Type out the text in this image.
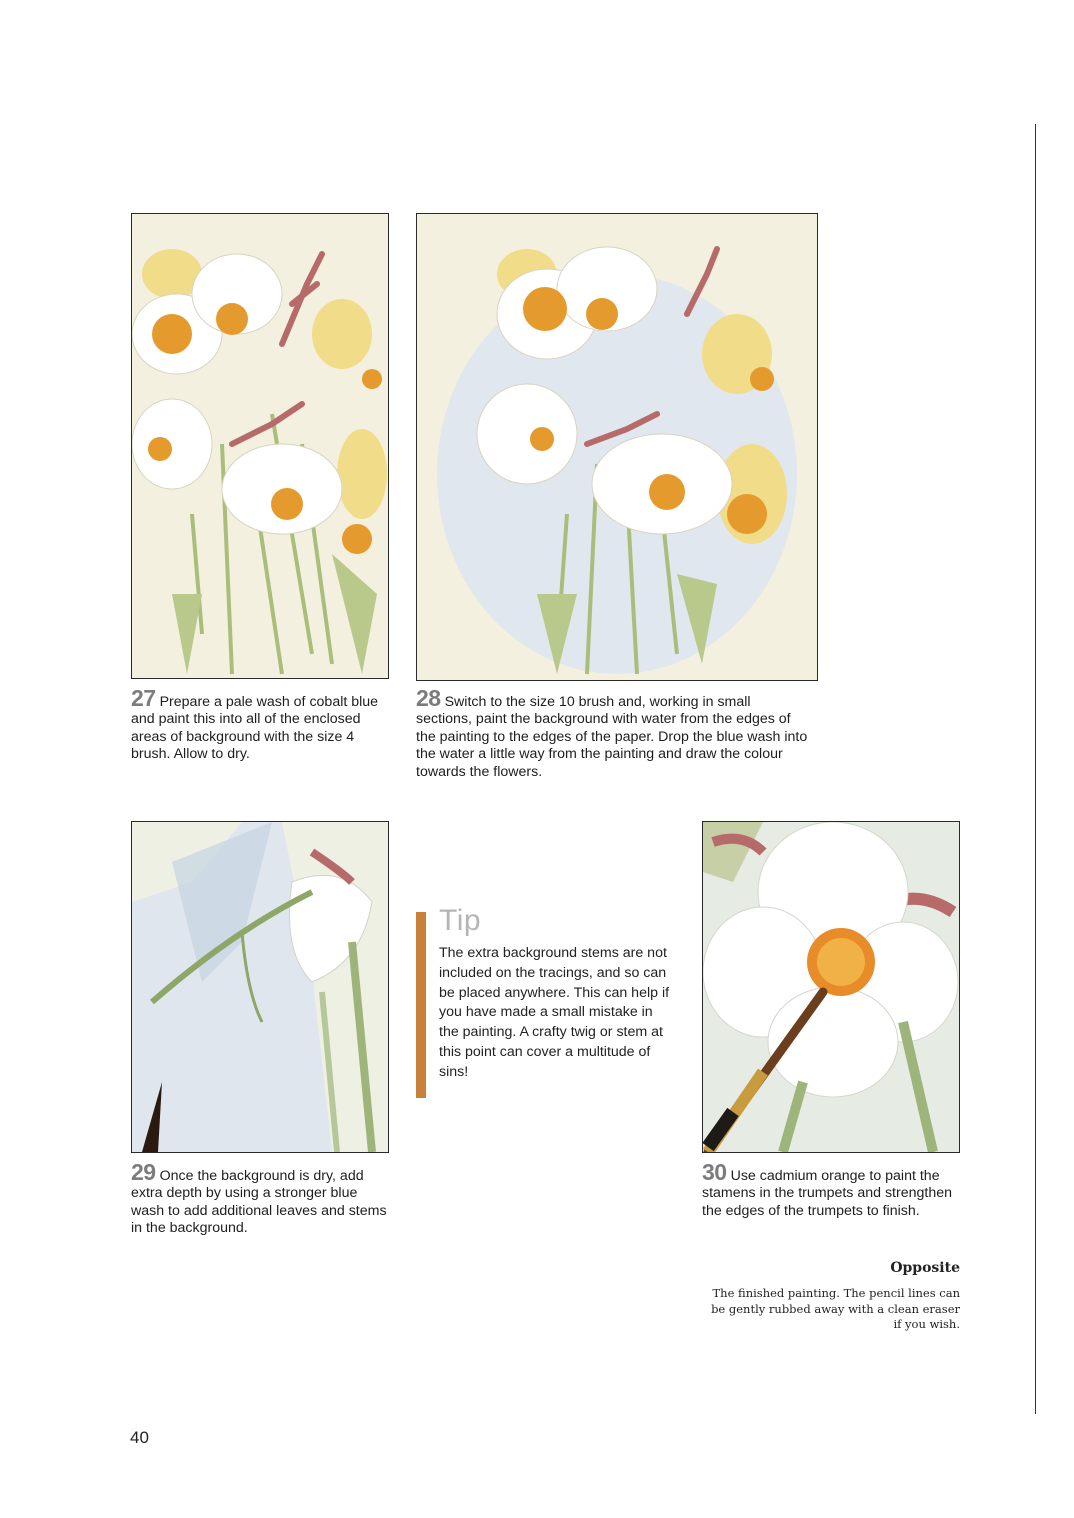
27 Prepare a pale wash of cobalt blue and paint this into all of the enclosed areas of background with the size 4 brush. Allow to dry.
28 Switch to the size 10 brush and, working in small sections, paint the background with water from the edges of the painting to the edges of the paper. Drop the blue wash into the water a little way from the painting and draw the colour towards the flowers.
Tip
The extra background stems are not included on the tracings, and so can be placed anywhere. This can help if you have made a small mistake in the painting. A crafty twig or stem at this point can cover a multitude of sins!
29 Once the background is dry, add extra depth by using a stronger blue wash to add additional leaves and stems in the background.
30 Use cadmium orange to paint the stamens in the trumpets and strengthen the edges of the trumpets to finish.
Opposite
The finished painting. The pencil lines can be gently rubbed away with a clean eraser if you wish.
40
